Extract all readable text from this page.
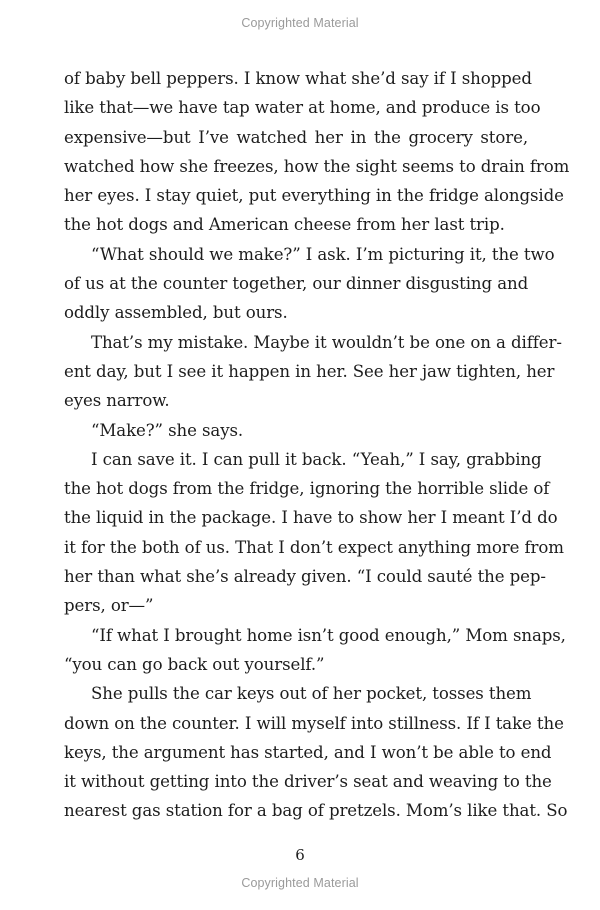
Copyrighted Material
of baby bell peppers. I know what she’d say if I shopped
like that—we have tap water at home, and produce is too
expensive—but I’ve watched her in the grocery store,
watched how she freezes, how the sight seems to drain from
her eyes. I stay quiet, put everything in the fridge alongside
the hot dogs and American cheese from her last trip.
“What should we make?” I ask. I’m picturing it, the two
of us at the counter together, our dinner disgusting and
oddly assembled, but ours.
That’s my mistake. Maybe it wouldn’t be one on a differ-
ent day, but I see it happen in her. See her jaw tighten, her
eyes narrow.
“Make?” she says.
I can save it. I can pull it back. “Yeah,” I say, grabbing
the hot dogs from the fridge, ignoring the horrible slide of
the liquid in the package. I have to show her I meant I’d do
it for the both of us. That I don’t expect anything more from
her than what she’s already given. “I could sauté the pep-
pers, or—”
“If what I brought home isn’t good enough,” Mom snaps,
“you can go back out yourself.”
She pulls the car keys out of her pocket, tosses them
down on the counter. I will myself into stillness. If I take the
keys, the argument has started, and I won’t be able to end
it without getting into the driver’s seat and weaving to the
nearest gas station for a bag of pretzels. Mom’s like that. So
6
Copyrighted Material
